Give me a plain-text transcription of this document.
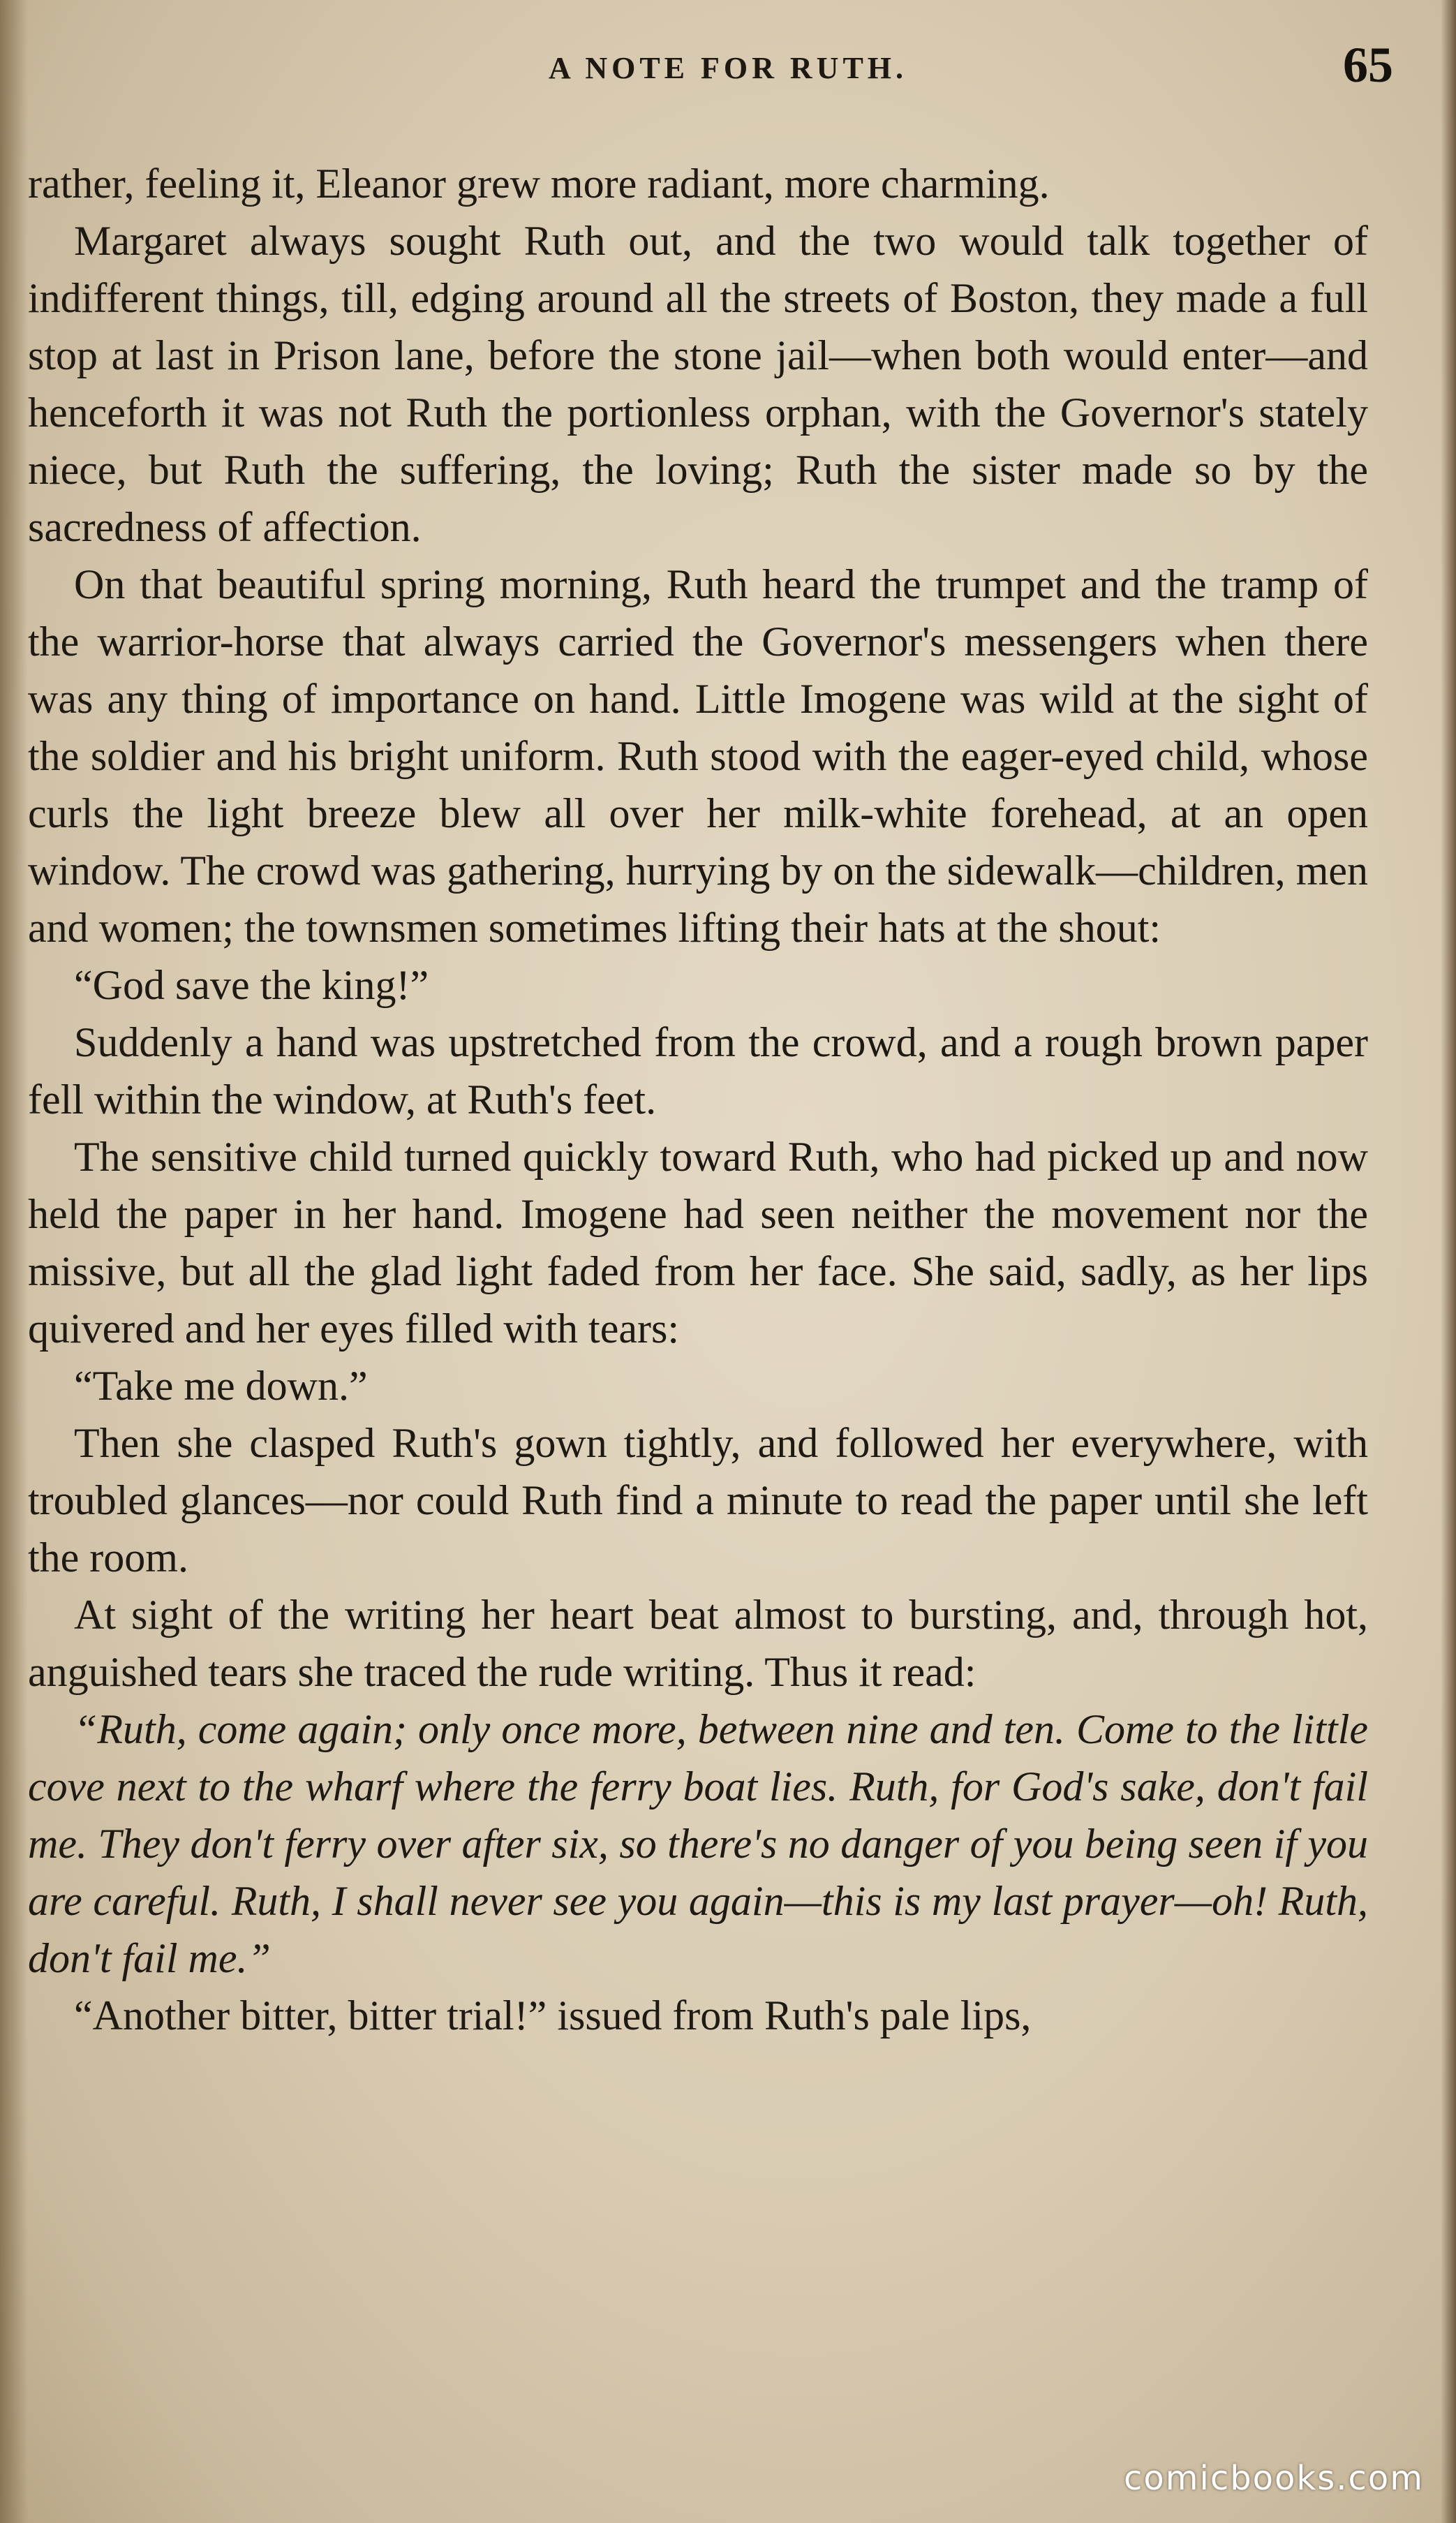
A NOTE FOR RUTH.	65

rather, feeling it, Eleanor grew more radiant, more charming.

Margaret always sought Ruth out, and the two would talk together of indifferent things, till, edging around all the streets of Boston, they made a full stop at last in Prison lane, before the stone jail—when both would enter—and henceforth it was not Ruth the portionless orphan, with the Governor's stately niece, but Ruth the suffering, the loving; Ruth the sister made so by the sacredness of affection.

On that beautiful spring morning, Ruth heard the trumpet and the tramp of the warrior-horse that always carried the Governor's messengers when there was any thing of importance on hand. Little Imogene was wild at the sight of the soldier and his bright uniform. Ruth stood with the eager-eyed child, whose curls the light breeze blew all over her milk-white forehead, at an open window. The crowd was gathering, hurrying by on the sidewalk—children, men and women; the townsmen sometimes lifting their hats at the shout:

“God save the king!”

Suddenly a hand was upstretched from the crowd, and a rough brown paper fell within the window, at Ruth's feet.

The sensitive child turned quickly toward Ruth, who had picked up and now held the paper in her hand. Imogene had seen neither the movement nor the missive, but all the glad light faded from her face. She said, sadly, as her lips quivered and her eyes filled with tears:

“Take me down.”

Then she clasped Ruth's gown tightly, and followed her everywhere, with troubled glances—nor could Ruth find a minute to read the paper until she left the room.

At sight of the writing her heart beat almost to bursting, and, through hot, anguished tears she traced the rude writing. Thus it read:

“Ruth, come again; only once more, between nine and ten. Come to the little cove next to the wharf where the ferry boat lies. Ruth, for God's sake, don't fail me. They don't ferry over after six, so there's no danger of you being seen if you are careful. Ruth, I shall never see you again—this is my last prayer—oh! Ruth, don't fail me.”

“Another bitter, bitter trial!” issued from Ruth's pale lips,

comicbooks.com
